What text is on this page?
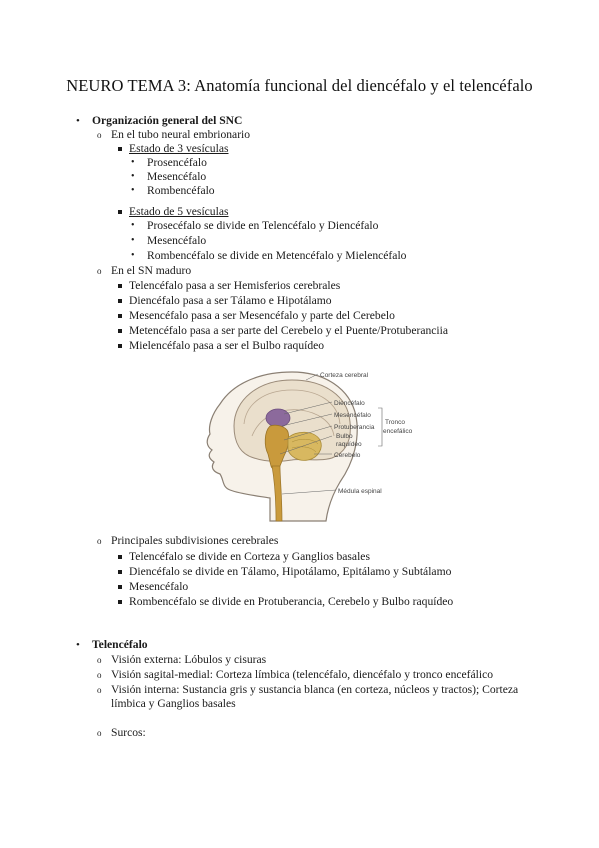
NEURO TEMA 3: Anatomía funcional del diencéfalo y el telencéfalo
• Organización general del SNC
o En el tubo neural embrionario
Estado de 3 vesículas
• Prosencéfalo
• Mesencéfalo
• Rombencéfalo
Estado de 5 vesículas
• Prosecéfalo se divide en Telencéfalo y Diencéfalo
• Mesencéfalo
• Rombencéfalo se divide en Metencéfalo y Mielencéfalo
o En el SN maduro
Telencéfalo pasa a ser Hemisferios cerebrales
Diencéfalo pasa a ser Tálamo e Hipotálamo
Mesencéfalo pasa a ser Mesencéfalo y parte del Cerebelo
Metencéfalo pasa a ser parte del Cerebelo y el Puente/Protuberanciia
Mielencéfalo pasa a ser el Bulbo raquídeo
Corteza cerebral
Diencéfalo
Mesencéfalo
Protuberancia
Bulbo
raquídeo
Cerebelo
Médula espinal
Tronco
encefálico
o Principales subdivisiones cerebrales
Telencéfalo se divide en Corteza y Ganglios basales
Diencéfalo se divide en Tálamo, Hipotálamo, Epitálamo y Subtálamo
Mesencéfalo
Rombencéfalo se divide en Protuberancia, Cerebelo y Bulbo raquídeo
• Telencéfalo
o Visión externa: Lóbulos y cisuras
o Visión sagital-medial: Corteza límbica (telencéfalo, diencéfalo y tronco encefálico
o Visión interna: Sustancia gris y sustancia blanca (en corteza, núcleos y tractos); Corteza límbica y Ganglios basales
o Surcos:
